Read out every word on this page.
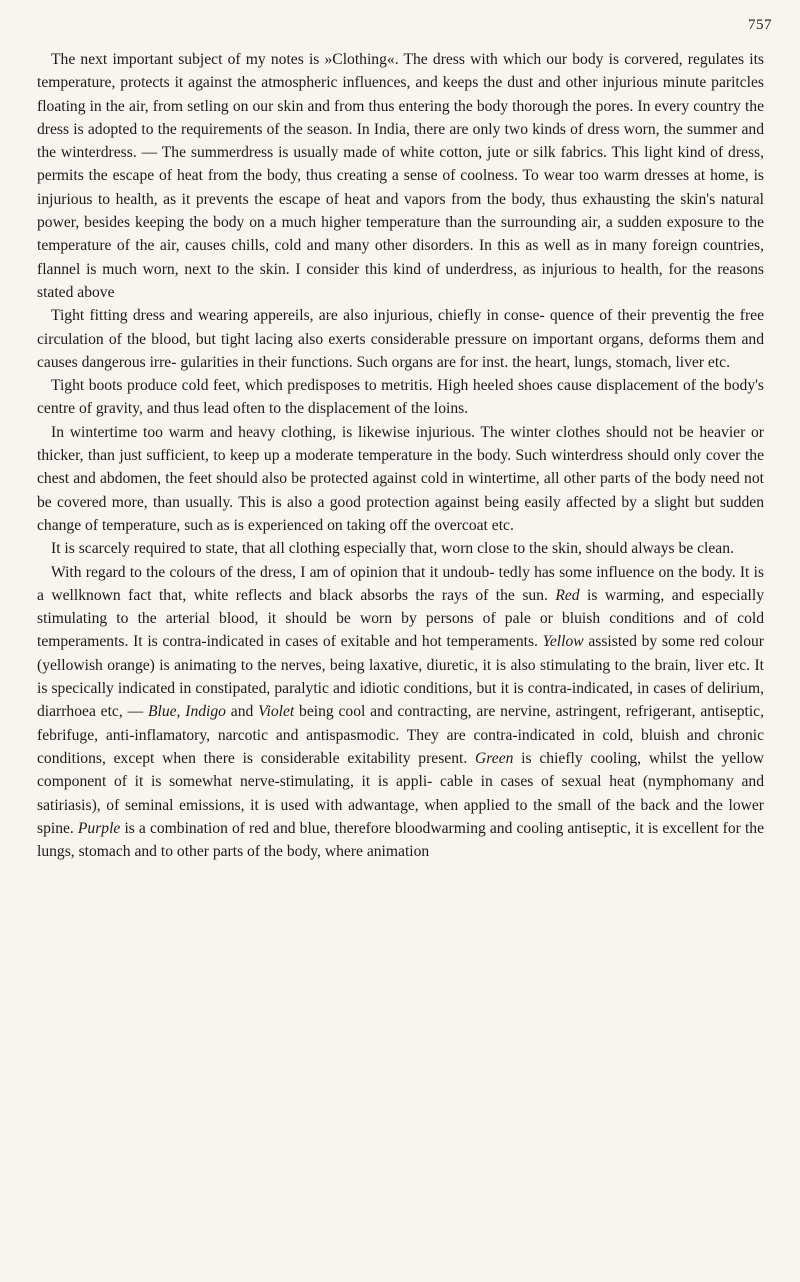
757

The next important subject of my notes is »Clothing«. The dress with which our body is corvered, regulates its temperature, protects it against the atmospheric influences, and keeps the dust and other injurious minute paritcles floating in the air, from setling on our skin and from thus entering the body thorough the pores. In every country the dress is adopted to the requirements of the season. In India, there are only two kinds of dress worn, the summer and the winterdress. — The summerdress is usually made of white cotton, jute or silk fabrics. This light kind of dress, permits the escape of heat from the body, thus creating a sense of coolness. To wear too warm dresses at home, is injurious to health, as it prevents the escape of heat and vapors from the body, thus exhausting the skin's natural power, besides keeping the body on a much higher temperature than the surrounding air, a sudden exposure to the temperature of the air, causes chills, cold and many other disorders. In this as well as in many foreign countries, flannel is much worn, next to the skin. I consider this kind of underdress, as injurious to health, for the reasons stated above

Tight fitting dress and wearing appereils, are also injurious, chiefly in conse- quence of their preventig the free circulation of the blood, but tight lacing also exerts considerable pressure on important organs, deforms them and causes dangerous irre- gularities in their functions. Such organs are for inst. the heart, lungs, stomach, liver etc.

Tight boots produce cold feet, which predisposes to metritis. High heeled shoes cause displacement of the body's centre of gravity, and thus lead often to the displacement of the loins.

In wintertime too warm and heavy clothing, is likewise injurious. The winter clothes should not be heavier or thicker, than just sufficient, to keep up a moderate temperature in the body. Such winterdress should only cover the chest and abdomen, the feet should also be protected against cold in wintertime, all other parts of the body need not be covered more, than usually. This is also a good protection against being easily affected by a slight but sudden change of temperature, such as is experienced on taking off the overcoat etc.

It is scarcely required to state, that all clothing especially that, worn close to the skin, should always be clean.

With regard to the colours of the dress, I am of opinion that it undoub- tedly has some influence on the body. It is a wellknown fact that, white reflects and black absorbs the rays of the sun. Red is warming, and especially stimulating to the arterial blood, it should be worn by persons of pale or bluish conditions and of cold temperaments. It is contra-indicated in cases of exitable and hot temperaments. Yellow assisted by some red colour (yellowish orange) is animating to the nerves, being laxative, diuretic, it is also stimulating to the brain, liver etc. It is specically indicated in constipated, paralytic and idiotic conditions, but it is contra-indicated, in cases of delirium, diarrhoea etc, — Blue, Indigo and Violet being cool and contracting, are nervine, astringent, refrigerant, antiseptic, febrifuge, anti-inflamatory, narcotic and antispasmodic. They are contra-indicated in cold, bluish and chronic conditions, except when there is considerable exitability present. Green is chiefly cooling, whilst the yellow component of it is somewhat nerve-stimulating, it is appli- cable in cases of sexual heat (nymphomany and satiriasis), of seminal emissions, it is used with adwantage, when applied to the small of the back and the lower spine. Purple is a combination of red and blue, therefore bloodwarming and cooling antiseptic, it is excellent for the lungs, stomach and to other parts of the body, where animation
